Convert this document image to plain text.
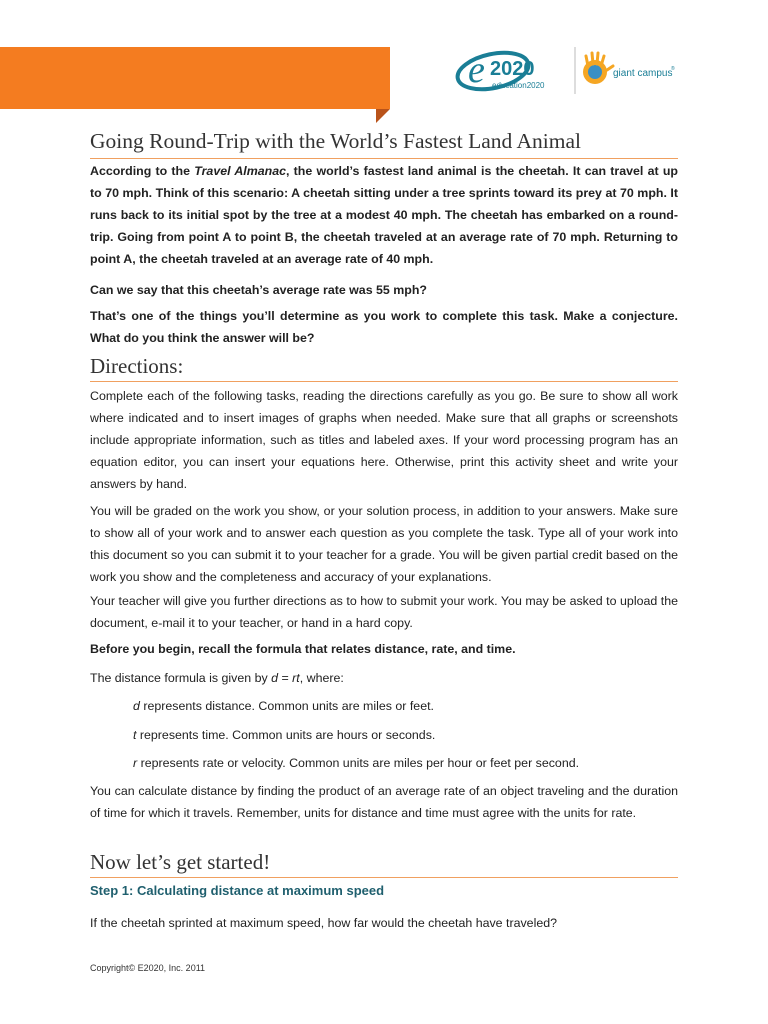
e 2020
education2020
giant campus
®
Going Round-Trip with the World’s Fastest Land Animal

According to the Travel Almanac, the world’s fastest land animal is the cheetah. It can travel at up to 70 mph. Think of this scenario: A cheetah sitting under a tree sprints toward its prey at 70 mph. It runs back to its initial spot by the tree at a modest 40 mph. The cheetah has embarked on a round-trip. Going from point A to point B, the cheetah traveled at an average rate of 70 mph. Returning to point A, the cheetah traveled at an average rate of 40 mph.

Can we say that this cheetah’s average rate was 55 mph?

That’s one of the things you’ll determine as you work to complete this task. Make a conjecture. What do you think the answer will be?

Directions:

Complete each of the following tasks, reading the directions carefully as you go. Be sure to show all work where indicated and to insert images of graphs when needed. Make sure that all graphs or screenshots include appropriate information, such as titles and labeled axes. If your word processing program has an equation editor, you can insert your equations here. Otherwise, print this activity sheet and write your answers by hand.

You will be graded on the work you show, or your solution process, in addition to your answers. Make sure to show all of your work and to answer each question as you complete the task. Type all of your work into this document so you can submit it to your teacher for a grade. You will be given partial credit based on the work you show and the completeness and accuracy of your explanations.

Your teacher will give you further directions as to how to submit your work. You may be asked to upload the document, e-mail it to your teacher, or hand in a hard copy.

Before you begin, recall the formula that relates distance, rate, and time.

The distance formula is given by d = rt, where:

d represents distance. Common units are miles or feet.

t represents time. Common units are hours or seconds.

r represents rate or velocity. Common units are miles per hour or feet per second.

You can calculate distance by finding the product of an average rate of an object traveling and the duration of time for which it travels. Remember, units for distance and time must agree with the units for rate.

Now let’s get started!

Step 1: Calculating distance at maximum speed

If the cheetah sprinted at maximum speed, how far would the cheetah have traveled?

Copyright© E2020, Inc. 2011
